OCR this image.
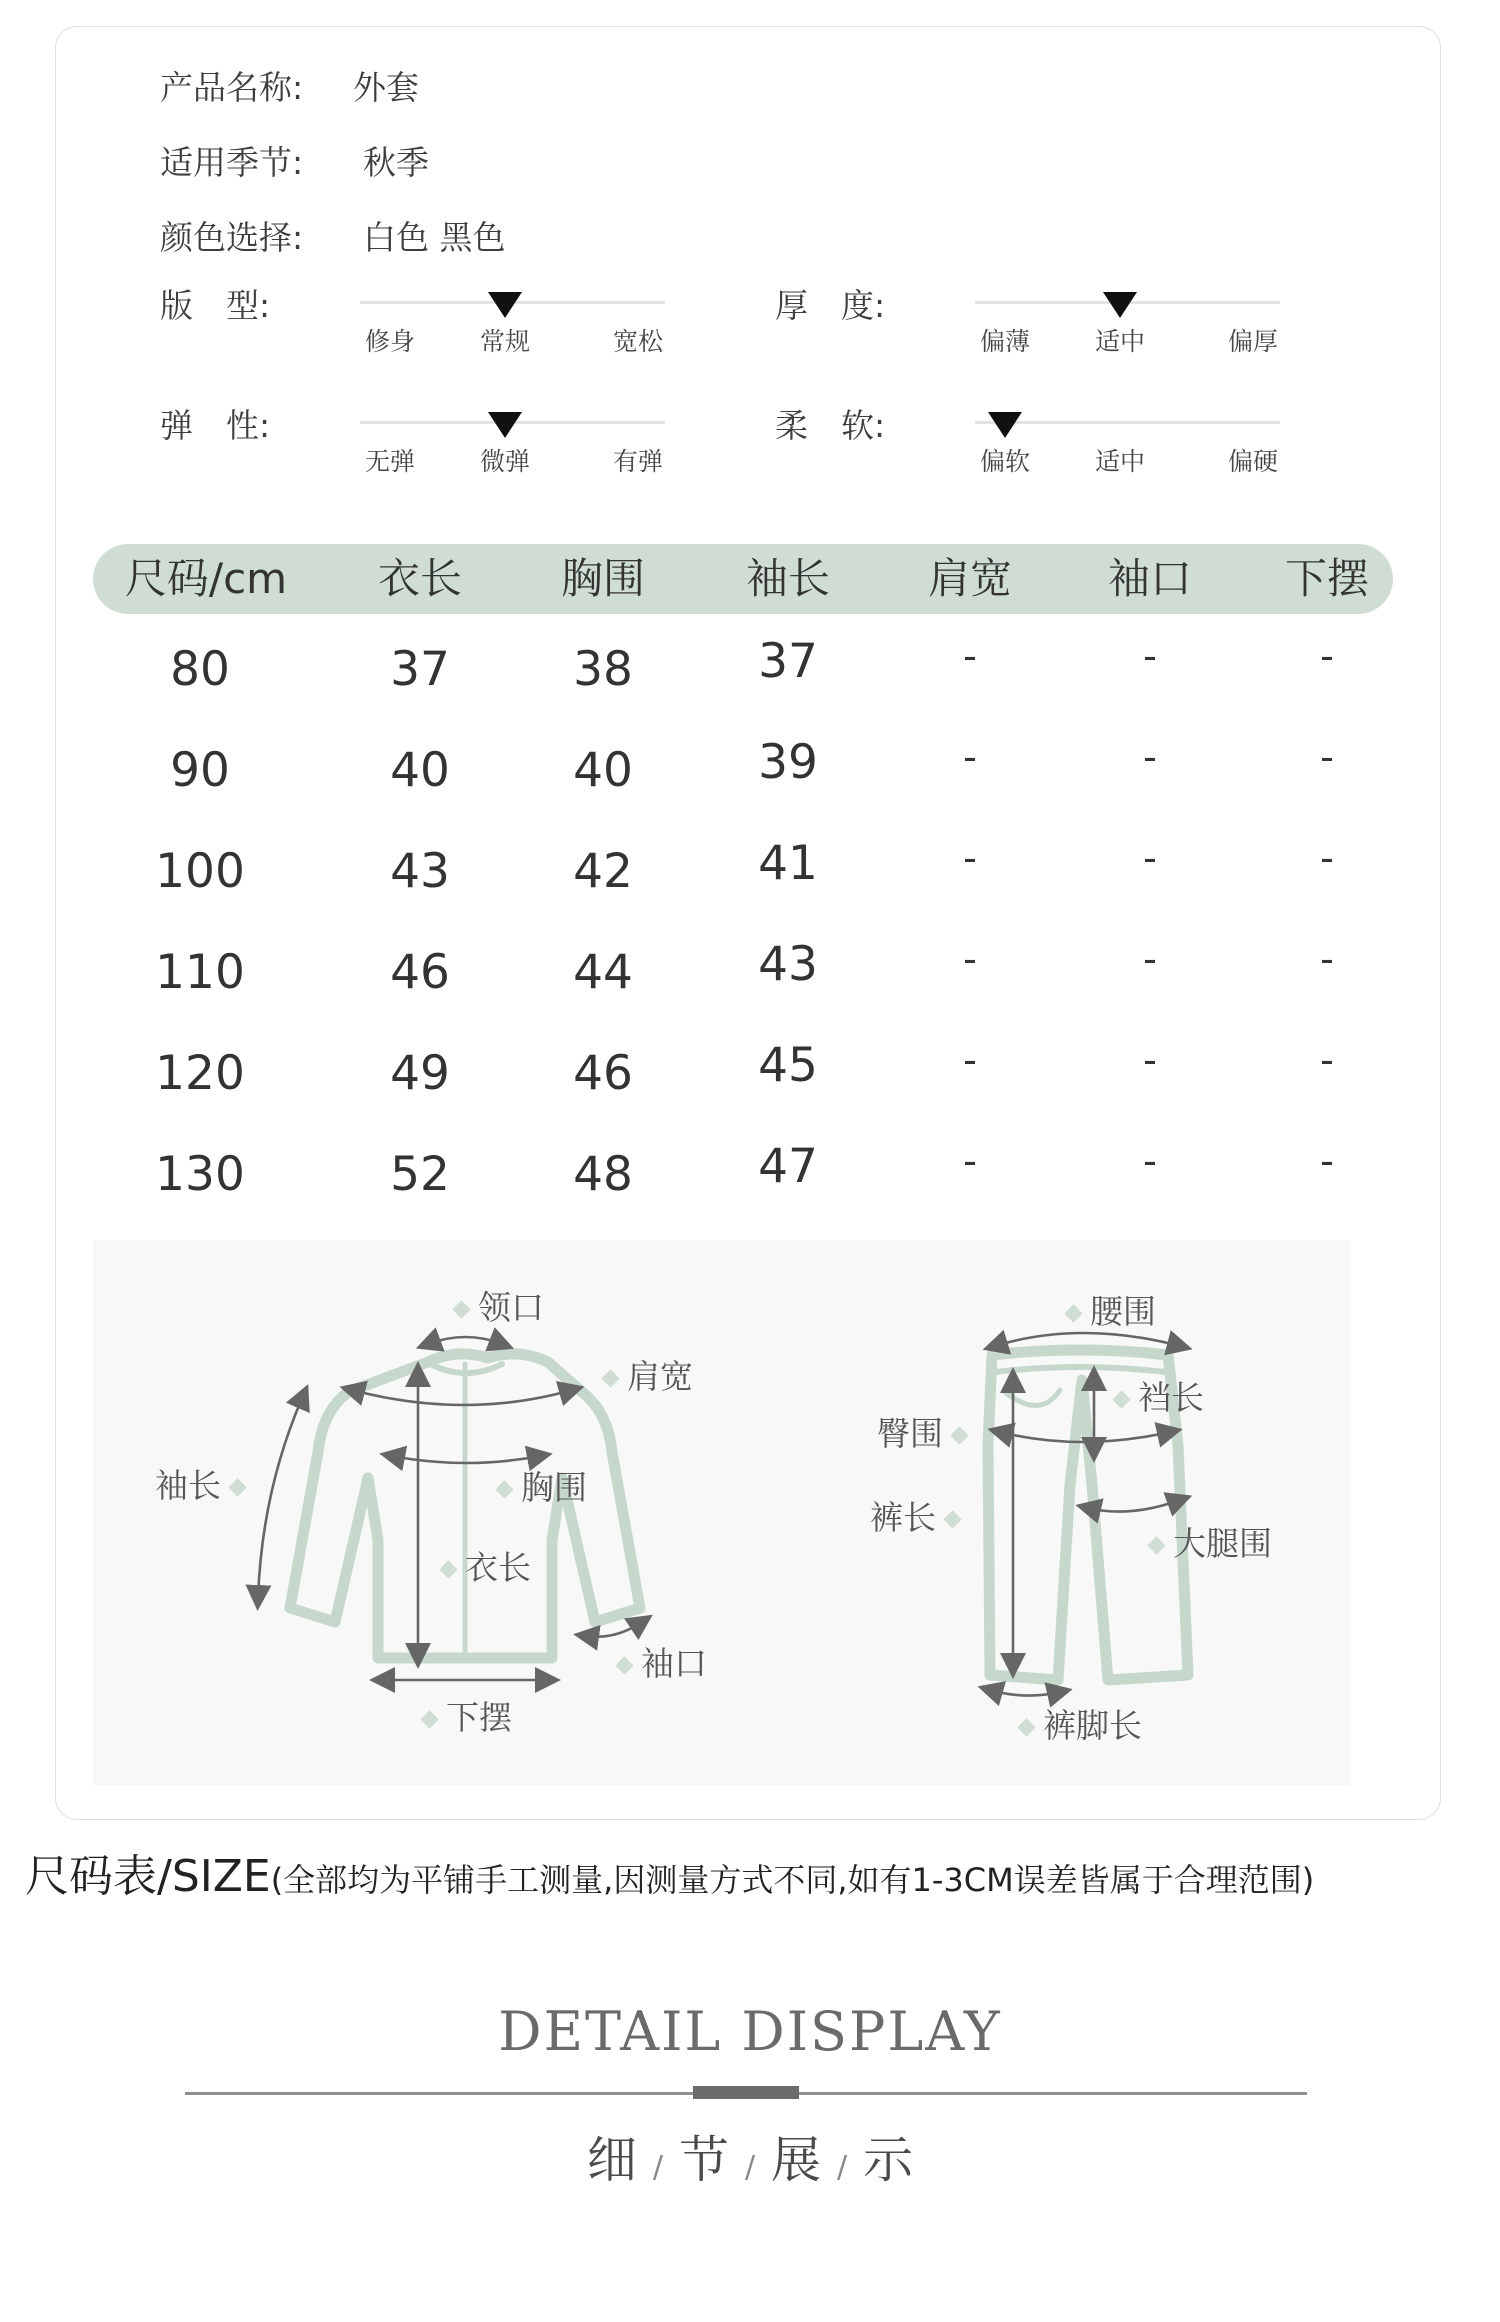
产品名称: 外套
适用季节: 秋季
颜色选择: 白色 黑色
版　型:
修身	常规	宽松
厚　度:
偏薄	适中	偏厚
弹　性:
无弹	微弹	有弹
柔　软:
偏软	适中	偏硬
尺码/cm 衣长 胸围 袖长 肩宽 袖口 下摆
80	37	38	37	-	-	-
90	40	40	39	-	-	-
100	43	42	41	-	-	-
110	46	44	43	-	-	-
120	49	46	45	-	-	-
130	52	48	47	-	-	-
领口
肩宽
袖长	胸围
衣长
袖口
下摆
腰围
裆长
臀围
裤长
大腿围
裤脚长
尺码表/SIZE(全部均为平铺手工测量,因测量方式不同,如有1-3CM误差皆属于合理范围)
DETAIL DISPLAY
细 / 节 / 展 / 示
